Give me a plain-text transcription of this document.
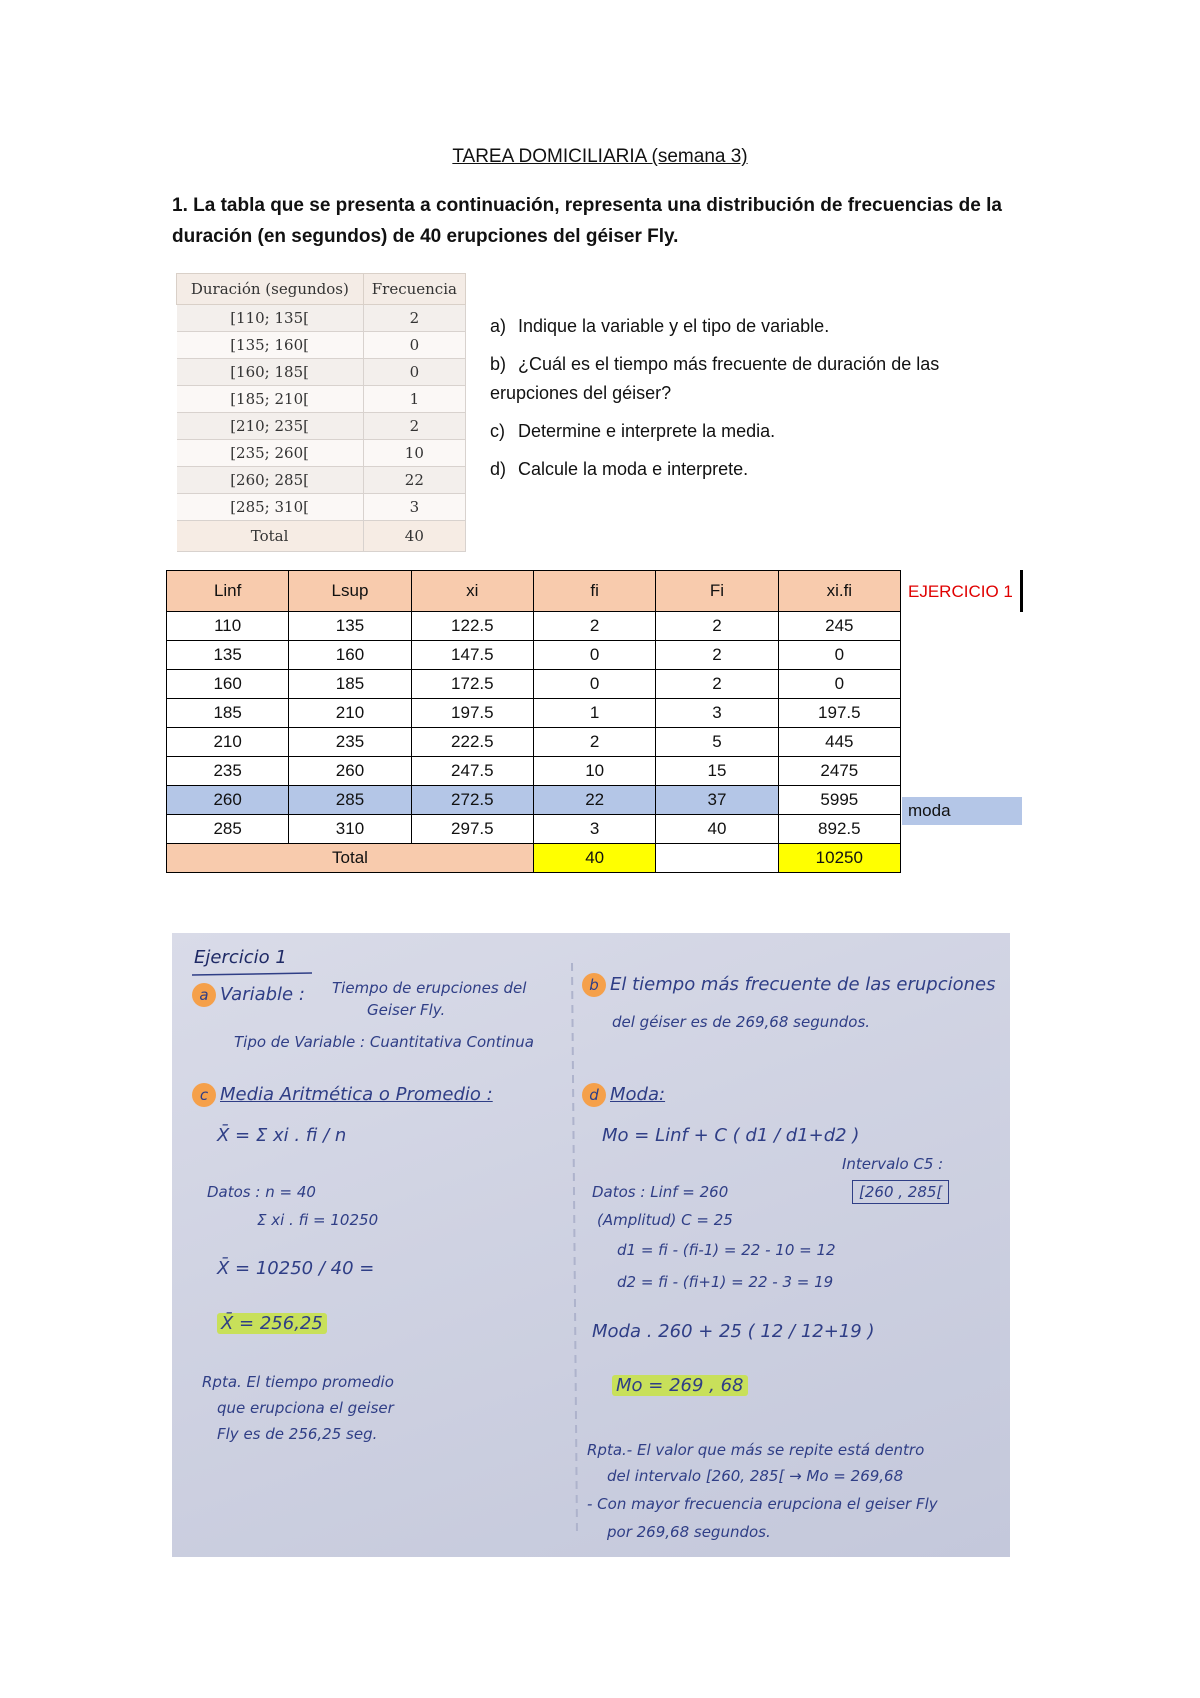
TAREA DOMICILIARIA (semana 3)
1. La tabla que se presenta a continuación, representa una distribución de frecuencias de la duración (en segundos) de 40 erupciones del géiser Fly.
Duración (segundos)	Frecuencia
[110; 135[	2
[135; 160[	0
[160; 185[	0
[185; 210[	1
[210; 235[	2
[235; 260[	10
[260; 285[	22
[285; 310[	3
Total	40

a) Indique la variable y el tipo de variable.

b) ¿Cuál es el tiempo más frecuente de duración de las erupciones del géiser?

c) Determine e interprete la media.

d) Calcule la moda e interprete.

Linf	Lsup	xi	fi	Fi	xi.fi
110	135	122.5	2	2	245
135	160	147.5	0	2	0
160	185	172.5	0	2	0
185	210	197.5	1	3	197.5
210	235	222.5	2	5	445
235	260	247.5	10	15	2475
260	285	272.5	22	37	5995
285	310	297.5	3	40	892.5
Total			40		10250
EJERCICIO 1
moda
Ejercicio 1
a Variable : Tiempo de erupciones del
Geiser Fly.
Tipo de Variable : Cuantitativa Continua
b El tiempo más frecuente de las erupciones
del géiser es de 269,68 segundos.
c Media Aritmética o Promedio :
X̄ = Σ xi . fi / n
Datos : n = 40
Σ xi . fi = 10250
X̄ = 10250 / 40 =
X̄ = 256,25
Rpta. El tiempo promedio
que erupciona el geiser
Fly es de 256,25 seg.
d Moda:
Mo = Linf + C ( d1 / d1+d2 )
Intervalo C5 :
[260 , 285[
Datos : Linf = 260
(Amplitud) C = 25
d1 = fi - (fi-1) = 22 - 10 = 12
d2 = fi - (fi+1) = 22 - 3 = 19
Moda . 260 + 25 ( 12 / 12+19 )
Mo = 269 , 68
Rpta.- El valor que más se repite está dentro
del intervalo [260, 285[ → Mo = 269,68
- Con mayor frecuencia erupciona el geiser Fly
por 269,68 segundos.
